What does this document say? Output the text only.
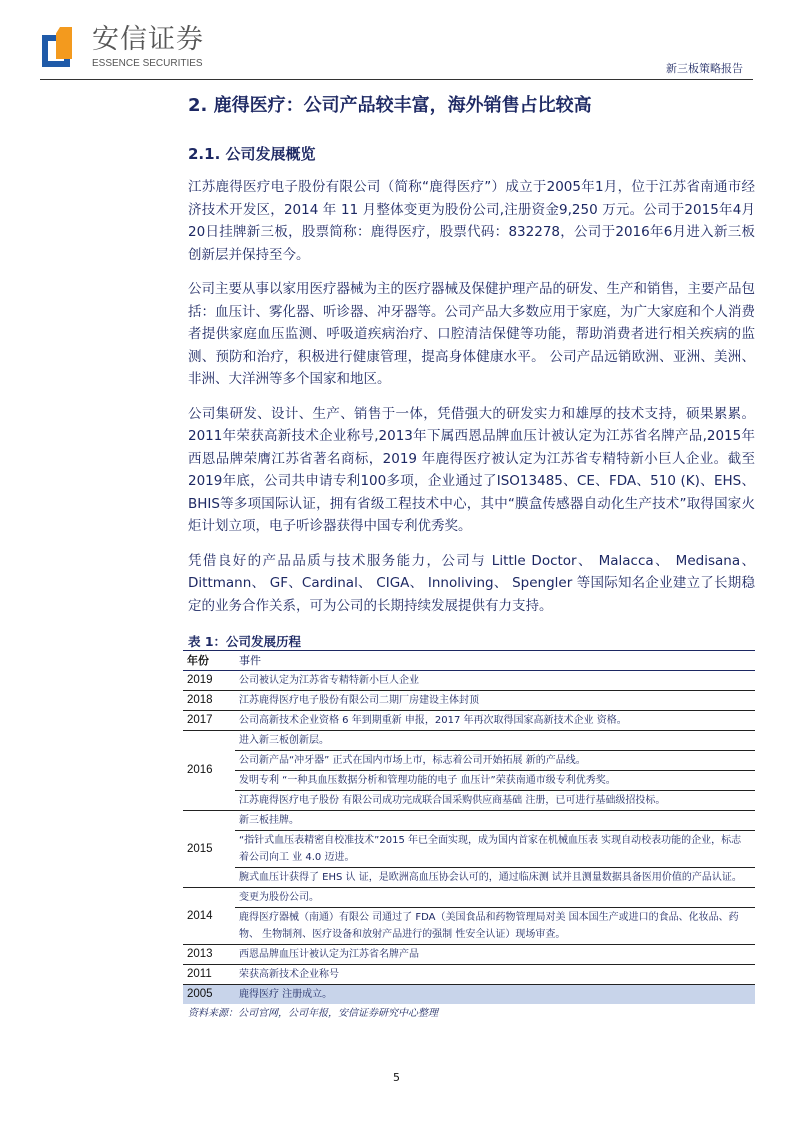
安信证券
ESSENCE SECURITIES	新三板策略报告
2. 鹿得医疗：公司产品较丰富，海外销售占比较高
2.1. 公司发展概览

江苏鹿得医疗电子股份有限公司（简称“鹿得医疗”）成立于2005年1月，位于江苏省南通市经济技术开发区，2014 年 11 月整体变更为股份公司,注册资金9,250 万元。公司于2015年4月20日挂牌新三板，股票简称：鹿得医疗，股票代码：832278，公司于2016年6月进入新三板创新层并保持至今。

公司主要从事以家用医疗器械为主的医疗器械及保健护理产品的研发、生产和销售，主要产品包括：血压计、雾化器、听诊器、冲牙器等。公司产品大多数应用于家庭，为广大家庭和个人消费者提供家庭血压监测、呼吸道疾病治疗、口腔清洁保健等功能，帮助消费者进行相关疾病的监测、预防和治疗，积极进行健康管理，提高身体健康水平。 公司产品远销欧洲、亚洲、美洲、非洲、大洋洲等多个国家和地区。

公司集研发、设计、生产、销售于一体，凭借强大的研发实力和雄厚的技术支持，硕果累累。2011年荣获高新技术企业称号,2013年下属西恩品牌血压计被认定为江苏省名牌产品,2015年西恩品牌荣膺江苏省著名商标，2019 年鹿得医疗被认定为江苏省专精特新小巨人企业。截至2019年底，公司共申请专利100多项，企业通过了ISO13485、CE、FDA、510 (K)、EHS、BHIS等多项国际认证，拥有省级工程技术中心，其中“膜盒传感器自动化生产技术”取得国家火炬计划立项，电子听诊器获得中国专利优秀奖。

凭借良好的产品品质与技术服务能力，公司与 Little Doctor、 Malacca、 Medisana、Dittmann、 GF、Cardinal、 CIGA、 Innoliving、 Spengler 等国际知名企业建立了长期稳定的业务合作关系，可为公司的长期持续发展提供有力支持。

表 1：公司发展历程
年份	事件
2019	公司被认定为江苏省专精特新小巨人企业
2018	江苏鹿得医疗电子股份有限公司二期厂房建设主体封顶
2017	公司高新技术企业资格 6 年到期重新 申报，2017 年再次取得国家高新技术企业 资格。
2016	进入新三板创新层。
	公司新产品“冲牙器” 正式在国内市场上市，标志着公司开始拓展 新的产品线。
	发明专利 “一种具血压数据分析和管理功能的电子 血压计”荣获南通市级专利优秀奖。
	江苏鹿得医疗电子股份 有限公司成功完成联合国采购供应商基础 注册，已可进行基础级招投标。
2015	新三板挂牌。
	“指针式血压表精密自校准技术”2015 年已全面实现，成为国内首家在机械血压表 实现自动校表功能的企业，标志着公司向工 业 4.0 迈进。
	腕式血压计获得了 EHS 认 证，是欧洲高血压协会认可的，通过临床测 试并且测量数据具备医用价值的产品认证。
2014	变更为股份公司。
	鹿得医疗器械（南通）有限公 司通过了 FDA（美国食品和药物管理局对美 国本国生产或进口的食品、化妆品、药物、 生物制剂、医疗设备和放射产品进行的强制 性安全认证）现场审查。
2013	西恩品牌血压计被认定为江苏省名牌产品
2011	荣获高新技术企业称号
2005	鹿得医疗 注册成立。
资料来源：公司官网，公司年报，安信证券研究中心整理
5
